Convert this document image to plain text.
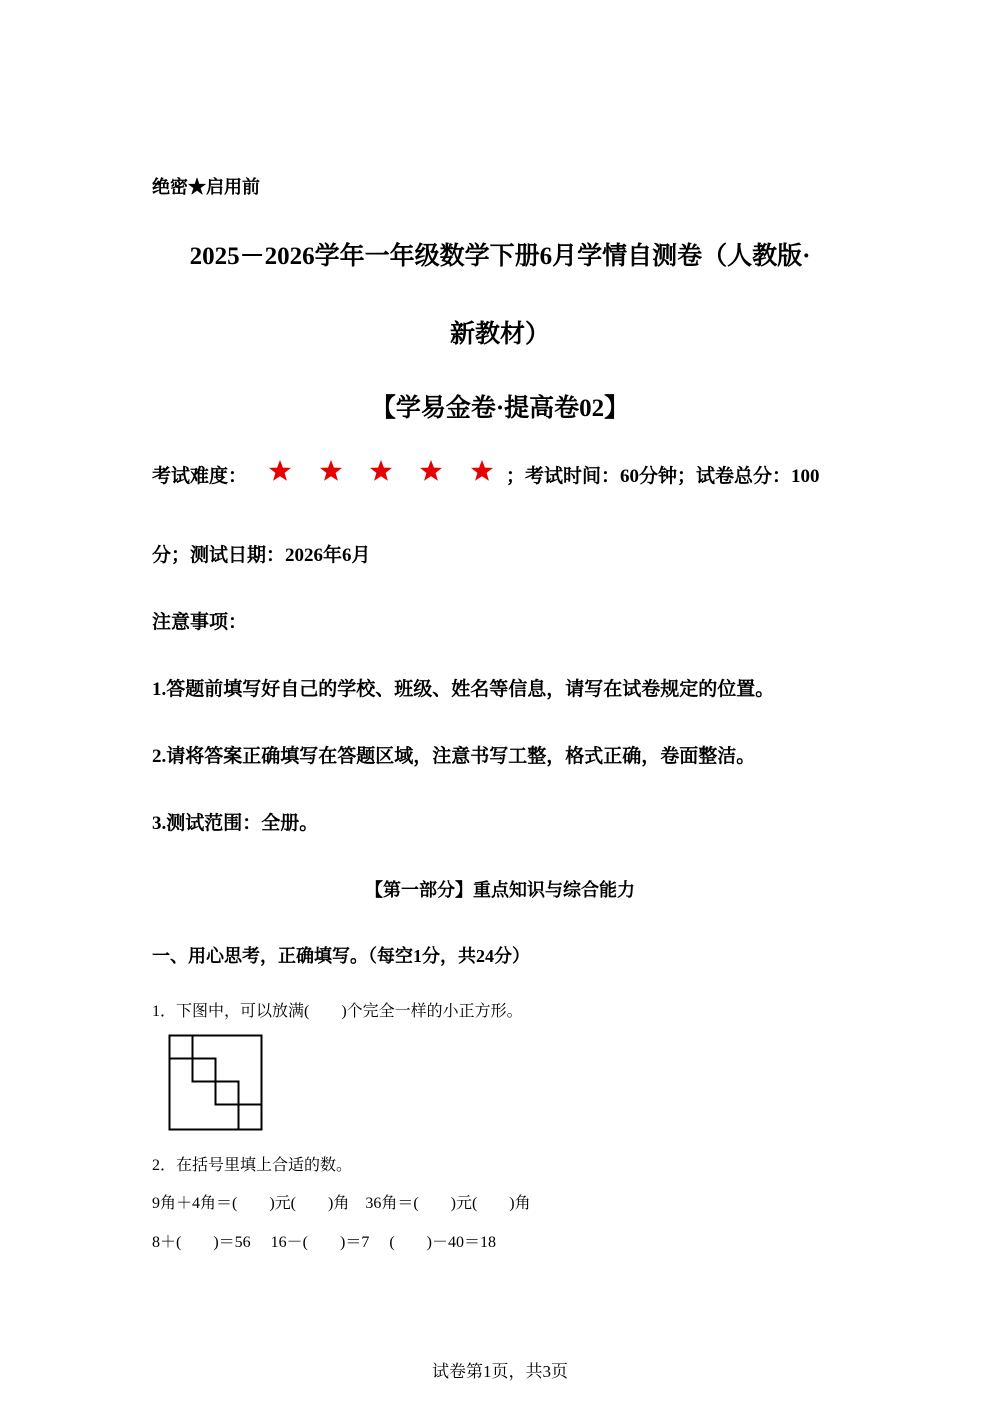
绝密★启用前
2025－2026学年一年级数学下册6月学情自测卷（人教版·
新教材）
【学易金卷·提高卷02】
考试难度：	；考试时间：60分钟；试卷总分：100
分；测试日期：2026年6月
注意事项：
1.答题前填写好自己的学校、班级、姓名等信息，请写在试卷规定的位置。
2.请将答案正确填写在答题区域，注意书写工整，格式正确，卷面整洁。
3.测试范围：全册。
【第一部分】重点知识与综合能力
一、用心思考，正确填写。（每空1分，共24分）
1．下图中，可以放满(　　)个完全一样的小正方形。
2．在括号里填上合适的数。
9角＋4角＝(　　)元(　　)角　36角＝(　　)元(　　)角
8＋(　　)＝56　 16－(　　)＝7　 (　　)－40＝18
试卷第1页，共3页
